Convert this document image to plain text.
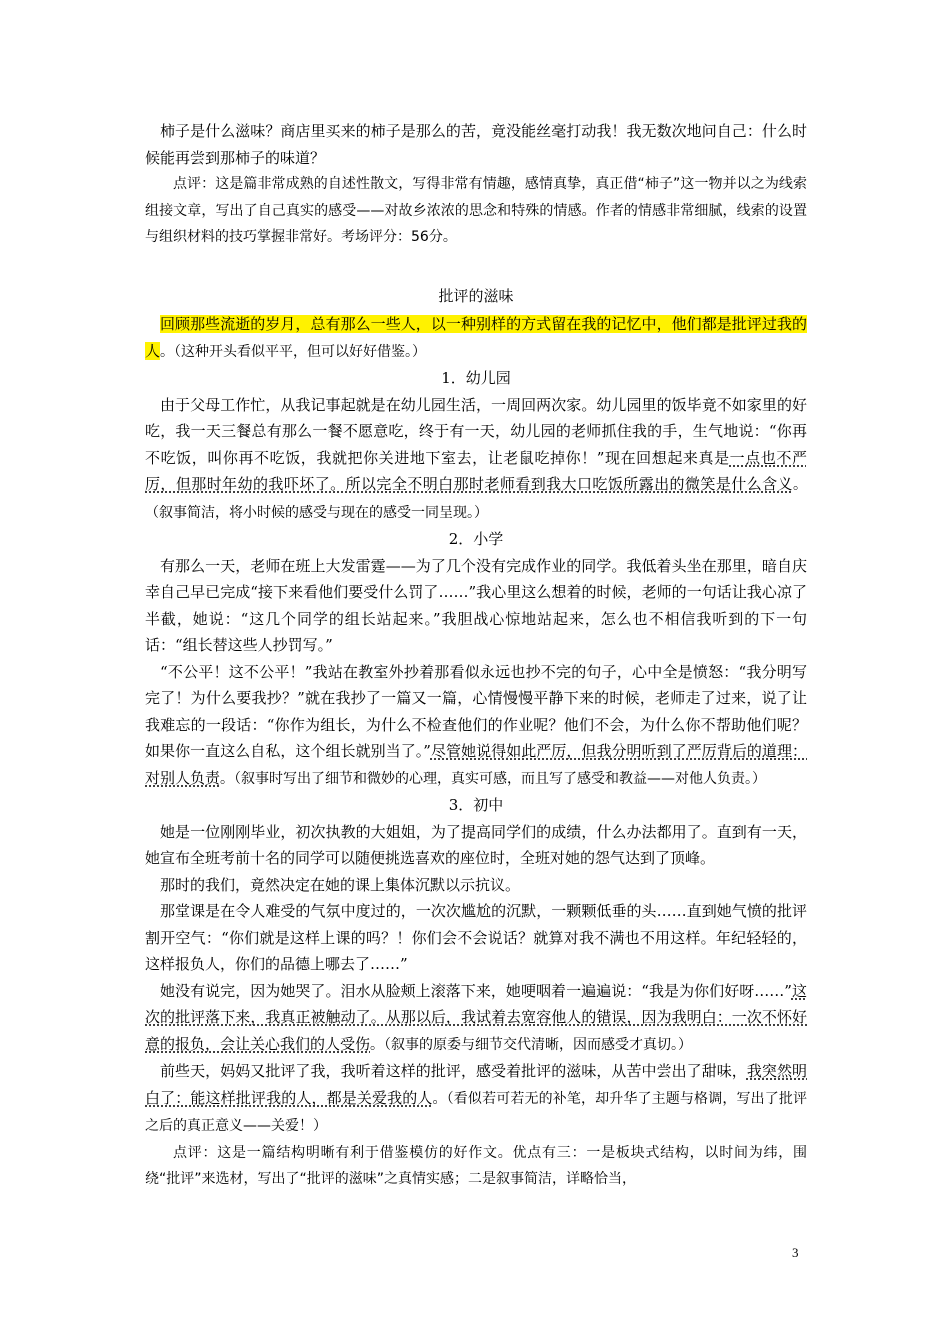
柿子是什么滋味？商店里买来的柿子是那么的苦，竟没能丝毫打动我！我无数次地问自己：什么时候能再尝到那柿子的味道？

点评：这是篇非常成熟的自述性散文，写得非常有情趣，感情真挚，真正借“柿子”这一物并以之为线索组接文章，写出了自己真实的感受——对故乡浓浓的思念和特殊的情感。作者的情感非常细腻，线索的设置与组织材料的技巧掌握非常好。考场评分：56分。

批评的滋味

回顾那些流逝的岁月，总有那么一些人，以一种别样的方式留在我的记忆中，他们都是批评过我的人。（这种开头看似平平，但可以好好借鉴。）

1．幼儿园

由于父母工作忙，从我记事起就是在幼儿园生活，一周回两次家。幼儿园里的饭毕竟不如家里的好吃，我一天三餐总有那么一餐不愿意吃，终于有一天，幼儿园的老师抓住我的手，生气地说：“你再不吃饭，叫你再不吃饭，我就把你关进地下室去，让老鼠吃掉你！”现在回想起来真是一点也不严厉，但那时年幼的我吓坏了。所以完全不明白那时老师看到我大口吃饭所露出的微笑是什么含义。（叙事简洁，将小时候的感受与现在的感受一同呈现。）

2．小学

有那么一天，老师在班上大发雷霆——为了几个没有完成作业的同学。我低着头坐在那里，暗自庆幸自己早已完成“接下来看他们要受什么罚了……”我心里这么想着的时候，老师的一句话让我心凉了半截，她说：“这几个同学的组长站起来。”我胆战心惊地站起来，怎么也不相信我听到的下一句话：“组长替这些人抄罚写。”

“不公平！这不公平！”我站在教室外抄着那看似永远也抄不完的句子，心中全是愤怒：“我分明写完了！为什么要我抄？”就在我抄了一篇又一篇，心情慢慢平静下来的时候，老师走了过来，说了让我难忘的一段话：“你作为组长，为什么不检查他们的作业呢？他们不会，为什么你不帮助他们呢？如果你一直这么自私，这个组长就别当了。”尽管她说得如此严厉，但我分明听到了严厉背后的道理：对别人负责。（叙事时写出了细节和微妙的心理，真实可感，而且写了感受和教益——对他人负责。）

3．初中

她是一位刚刚毕业，初次执教的大姐姐，为了提高同学们的成绩，什么办法都用了。直到有一天，她宣布全班考前十名的同学可以随便挑选喜欢的座位时，全班对她的怨气达到了顶峰。

那时的我们，竟然决定在她的课上集体沉默以示抗议。

那堂课是在令人难受的气氛中度过的，一次次尴尬的沉默，一颗颗低垂的头……直到她气愤的批评割开空气：“你们就是这样上课的吗？！你们会不会说话？就算对我不满也不用这样。年纪轻轻的，这样报负人，你们的品德上哪去了……”

她没有说完，因为她哭了。泪水从脸颊上滚落下来，她哽咽着一遍遍说：“我是为你们好呀……”这次的批评落下来，我真正被触动了。从那以后，我试着去宽容他人的错误，因为我明白：一次不怀好意的报负，会让关心我们的人受伤。（叙事的原委与细节交代清晰，因而感受才真切。）

前些天，妈妈又批评了我，我听着这样的批评，感受着批评的滋味，从苦中尝出了甜味，我突然明白了：能这样批评我的人，都是关爱我的人。（看似若可若无的补笔，却升华了主题与格调，写出了批评之后的真正意义——关爱！）

点评：这是一篇结构明晰有利于借鉴模仿的好作文。优点有三：一是板块式结构，以时间为纬，围绕“批评”来选材，写出了“批评的滋味”之真情实感；二是叙事简洁，详略恰当，

3
